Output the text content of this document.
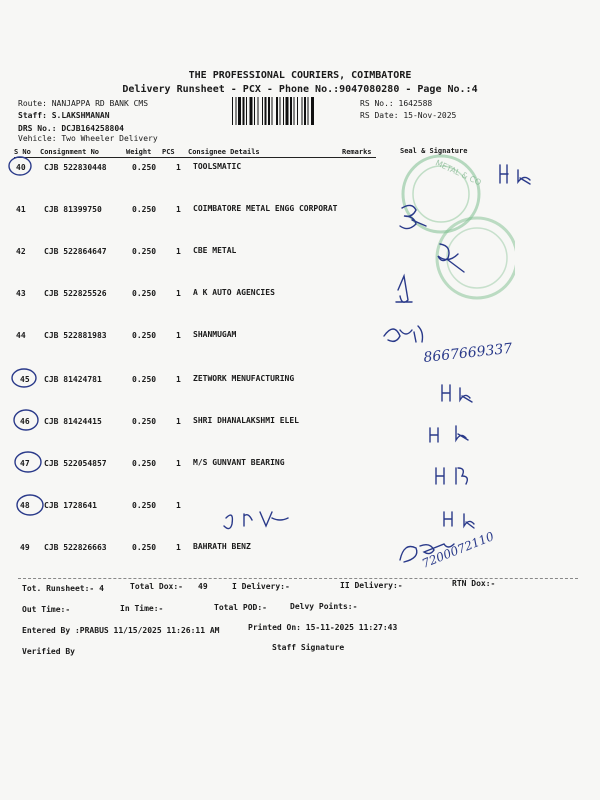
THE PROFESSIONAL COURIERS, COIMBATORE
Delivery Runsheet - PCX - Phone No.:9047080280 - Page No.:4
Route: NANJAPPA RD BANK CMS
Staff: S.LAKSHMANAN
DRS No.: DCJB164258804
Vehicle: Two Wheeler Delivery
RS No.: 1642588
RS Date: 15-Nov-2025
S No Consignment No	Weight PCS Consignee Details	Remarks	Seal & Signature
40 CJB 522830448	0.250 1 TOOLSMATIC
41 CJB 81399750	0.250 1 COIMBATORE METAL ENGG CORPORAT
42 CJB 522864647	0.250 1 CBE METAL
43 CJB 522825526	0.250 1 A K AUTO AGENCIES
44 CJB 522881983	0.250 1 SHANMUGAM
45 CJB 81424781	0.250 1 ZETWORK MENUFACTURING
46 CJB 81424415	0.250 1 SHRI DHANALAKSHMI ELEL
47 CJB 522054857	0.250 1 M/S GUNVANT BEARING
48 CJB 1728641	0.250 1
49 CJB 522826663	0.250 1 BAHRATH BENZ
METAL & CO
8667669337
7200072110
Tot. Runsheet:- 4	Total Dox:- 49	I Delivery:-	II Delivery:-	RTN Dox:-
Out Time:-	In Time:-	Total POD:-	Delvy Points:-
Entered By :PRABUS 11/15/2025 11:26:11 AM	Printed On: 15-11-2025 11:27:43
Verified By	Staff Signature
